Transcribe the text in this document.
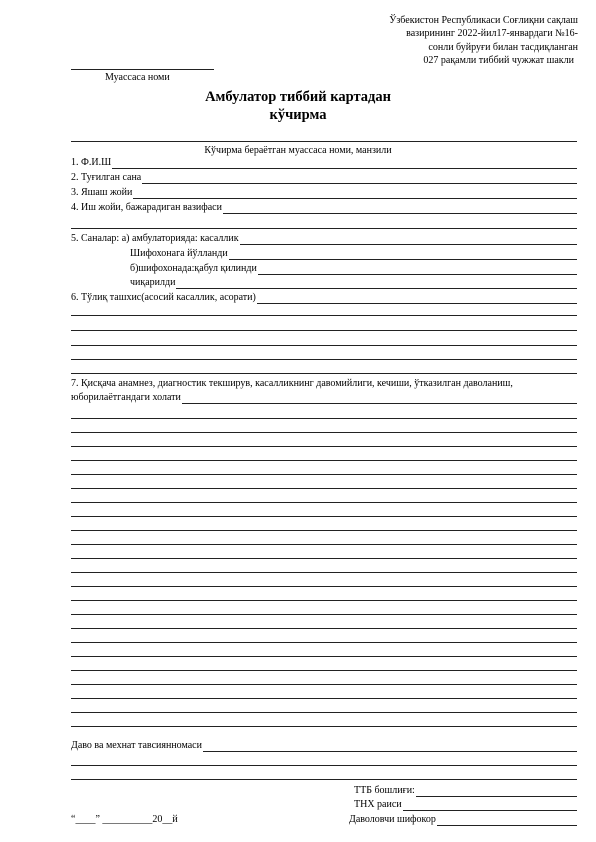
Ўзбекистон Республикаси Соғлиқни сақлаш
вазирининг 2022-йил17-январдаги №16-
сонли буйруғи билан тасдиқланган
027 рақамли тиббий чужжат шакли
Муассаса номи
Амбулатор тиббий картадан
кўчирма
Кўчирма бераётган муассаса номи, манзили
1. Ф.И.Ш
2. Туғилган сана
3. Яшаш жойи
4. Иш жойи, бажарадиган вазифаси
5. Саналар: а) амбулаторияда: касаллик
Шифохонага йўлланди
б)шифохонада:қабул қилинди
чиқарилди
6. Тўлиқ ташхис(асосий касаллик, асорати)
7. Қисқача анамнез, диагностик текширув, касалликнинг давомийлиги, кечиши, ўтказилган даволаниш,
юборилаётгандаги холати
Даво ва мехнат тавсиянномаси
ТТБ бошлиғи:
ТНХ раиси
Даволовчи шифокор
“____” __________20__й
